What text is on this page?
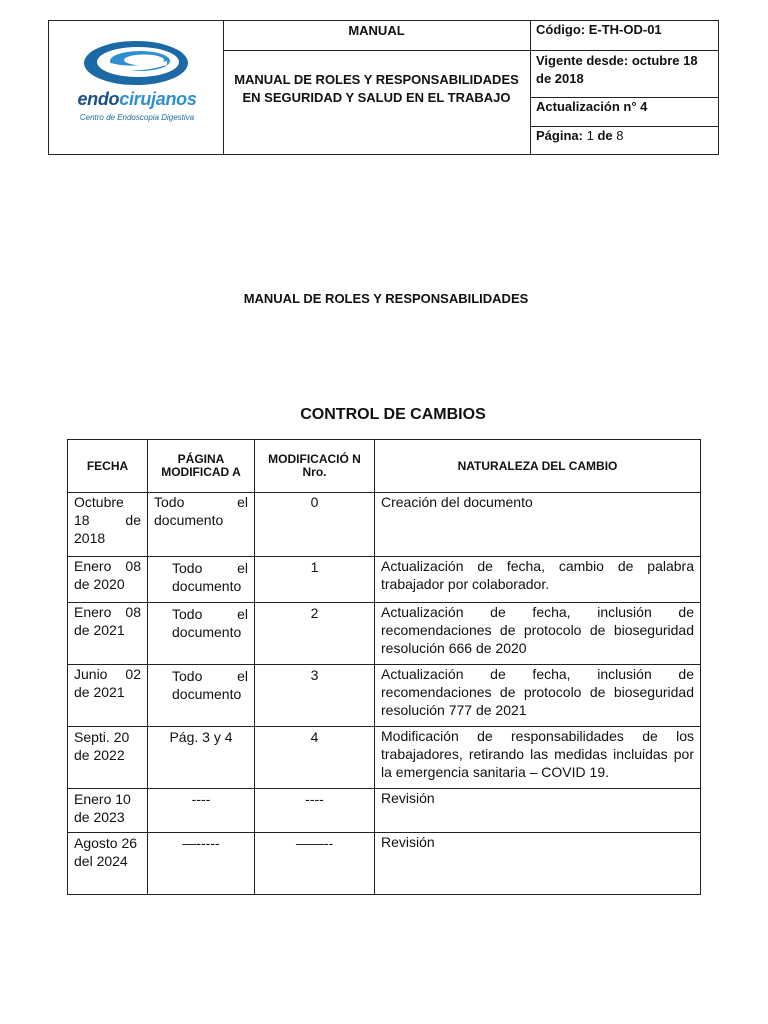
endocirujanos
Centro de Endoscopia Digestiva
MANUAL
MANUAL DE ROLES Y RESPONSABILIDADES EN SEGURIDAD Y SALUD EN EL TRABAJO
Código: E-TH-OD-01
Vigente desde: octubre 18 de 2018
Actualización n° 4
Página: 1 de 8
MANUAL DE ROLES Y RESPONSABILIDADES
CONTROL DE CAMBIOS
FECHA	PÁGINA MODIFICAD A	MODIFICACIÓ N Nro.	NATURALEZA DEL CAMBIO
Octubre 18 de 2018	Todo el documento	0	Creación del documento
Enero 08 de 2020	Todo el documento	1	Actualización de fecha, cambio de palabra trabajador por colaborador.
Enero 08 de 2021	Todo el documento	2	Actualización de fecha, inclusión de recomendaciones de protocolo de bioseguridad resolución 666 de 2020
Junio 02 de 2021	Todo el documento	3	Actualización de fecha, inclusión de recomendaciones de protocolo de bioseguridad resolución 777 de 2021
Septi. 20 de 2022	Pág. 3 y 4	4	Modificación de responsabilidades de los trabajadores, retirando las medidas incluidas por la emergencia sanitaria – COVID 19.
Enero 10 de 2023	----	----	Revisión
Agosto 26 del 2024	—-----	——--	Revisión
